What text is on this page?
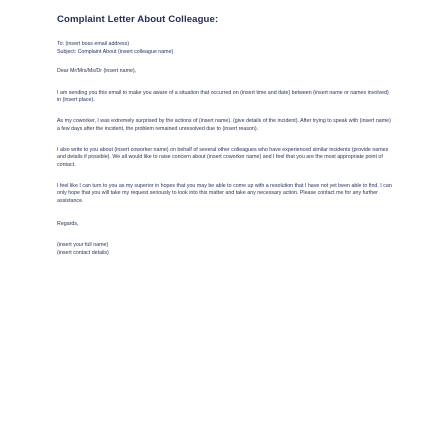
Complaint Letter About Colleague:

To: (insert boss email address)

Subject: Complaint About (insert colleague name)

Dear Mr/Mrs/Ms/Dr (insert name),

I am sending you this email to make you aware of a situation that occurred on (insert time and date) between (insert name or names involved) in (insert place).

As my coworker, I was extremely surprised by the actions of (insert name). (give details of the incident). After trying to speak with (insert name) a few days after the incident, the problem remained unresolved due to (insert reason).

I also write to you about (insert coworker name) on behalf of several other colleagues who have experienced similar incidents (provide names and details if possible). We all would like to raise concern about (insert coworker name) and I feel that you are the most appropriate point of contact.

I feel like I can turn to you as my superior in hopes that you may be able to come up with a resolution that I have not yet been able to find. I can only hope that you will take my request seriously to look into this matter and take any necessary action. Please contact me for any further assistance.

Regards,

(insert your full name)

(insert contact details)
